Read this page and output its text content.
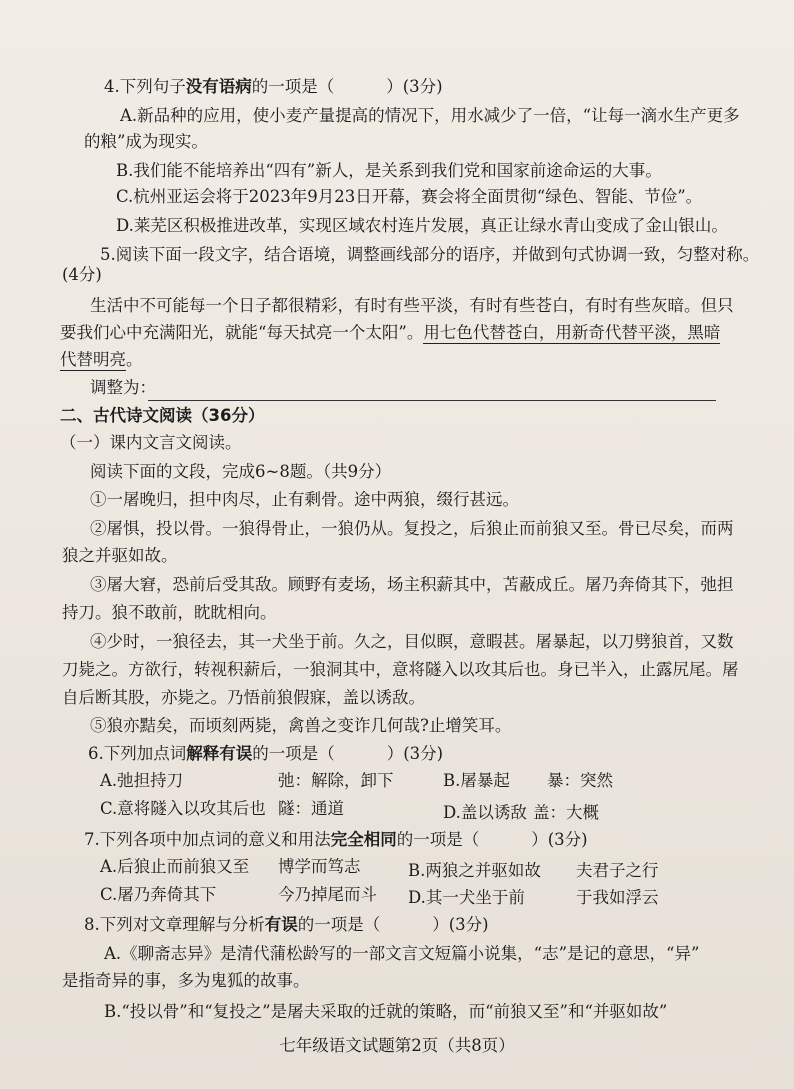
4.下列句子没有语病的一项是（	）(3分)
A.新品种的应用，使小麦产量提高的情况下，用水减少了一倍，“让每一滴水生产更多
的粮”成为现实。
B.我们能不能培养出“四有”新人，是关系到我们党和国家前途命运的大事。
C.杭州亚运会将于2023年9月23日开幕，赛会将全面贯彻“绿色、智能、节俭”。
D.莱芜区积极推进改革，实现区域农村连片发展，真正让绿水青山变成了金山银山。
5.阅读下面一段文字，结合语境，调整画线部分的语序，并做到句式协调一致，匀整对称。
(4分)
生活中不可能每一个日子都很精彩，有时有些平淡，有时有些苍白，有时有些灰暗。但只
要我们心中充满阳光，就能“每天拭亮一个太阳”。用七色代替苍白，用新奇代替平淡，黑暗
代替明亮。
调整为：
二、古代诗文阅读（36分）
（一）课内文言文阅读。
阅读下面的文段，完成6~8题。（共9分）
①一屠晚归，担中肉尽，止有剩骨。途中两狼，缀行甚远。
②屠惧，投以骨。一狼得骨止，一狼仍从。复投之，后狼止而前狼又至。骨已尽矣，而两
狼之并驱如故。
③屠大窘，恐前后受其敌。顾野有麦场，场主积薪其中，苫蔽成丘。屠乃奔倚其下，弛担
持刀。狼不敢前，眈眈相向。
④少时，一狼径去，其一犬坐于前。久之，目似瞑，意暇甚。屠暴起，以刀劈狼首，又数
刀毙之。方欲行，转视积薪后，一狼洞其中，意将隧入以攻其后也。身已半入，止露尻尾。屠
自后断其股，亦毙之。乃悟前狼假寐，盖以诱敌。
⑤狼亦黠矣，而顷刻两毙，禽兽之变诈几何哉?止增笑耳。
6.下列加点词解释有误的一项是（	）(3分)
A.弛担持刀	弛：解除，卸下	B.屠暴起 暴：突然
C.意将隧入以攻其后也 隧：通道	D.盖以诱敌 盖：大概
7.下列各项中加点词的意义和用法完全相同的一项是（	）(3分)
A.后狼止而前狼又至 博学而笃志	B.两狼之并驱如故 夫君子之行
C.屠乃奔倚其下	今乃掉尾而斗 D.其一犬坐于前	于我如浮云
8.下列对文章理解与分析有误的一项是（	）(3分)
A.《聊斋志异》是清代蒲松龄写的一部文言文短篇小说集，“志”是记的意思，“异”
是指奇异的事，多为鬼狐的故事。
B.“投以骨”和“复投之”是屠夫采取的迁就的策略，而“前狼又至”和“并驱如故”
七年级语文试题第2页（共8页）
